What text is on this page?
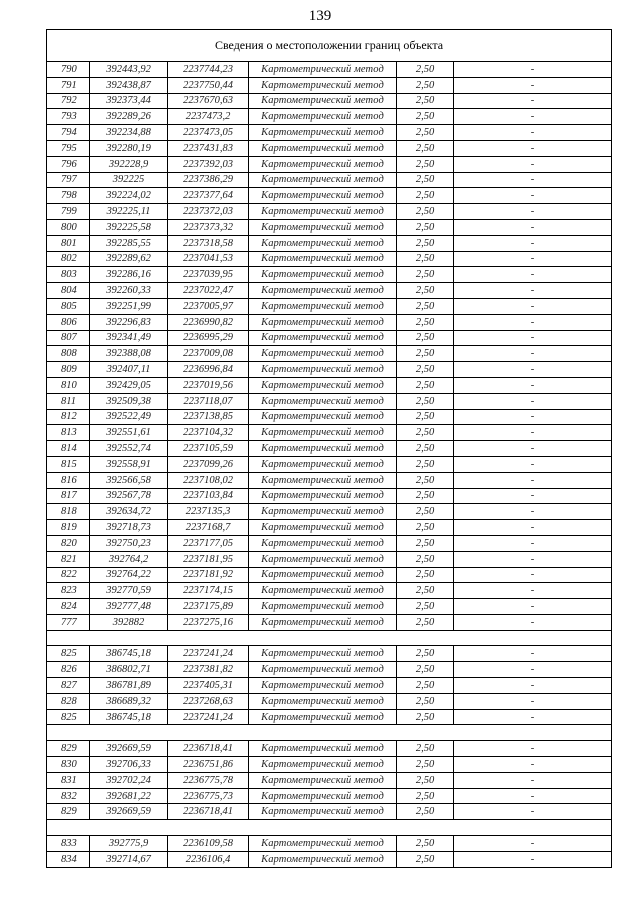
139
Сведения о местоположении границ объекта					
790	392443,92	2237744,23	Картометрический метод	2,50	-
791	392438,87	2237750,44	Картометрический метод	2,50	-
792	392373,44	2237670,63	Картометрический метод	2,50	-
793	392289,26	2237473,2	Картометрический метод	2,50	-
794	392234,88	2237473,05	Картометрический метод	2,50	-
795	392280,19	2237431,83	Картометрический метод	2,50	-
796	392228,9	2237392,03	Картометрический метод	2,50	-
797	392225	2237386,29	Картометрический метод	2,50	-
798	392224,02	2237377,64	Картометрический метод	2,50	-
799	392225,11	2237372,03	Картометрический метод	2,50	-
800	392225,58	2237373,32	Картометрический метод	2,50	-
801	392285,55	2237318,58	Картометрический метод	2,50	-
802	392289,62	2237041,53	Картометрический метод	2,50	-
803	392286,16	2237039,95	Картометрический метод	2,50	-
804	392260,33	2237022,47	Картометрический метод	2,50	-
805	392251,99	2237005,97	Картометрический метод	2,50	-
806	392296,83	2236990,82	Картометрический метод	2,50	-
807	392341,49	2236995,29	Картометрический метод	2,50	-
808	392388,08	2237009,08	Картометрический метод	2,50	-
809	392407,11	2236996,84	Картометрический метод	2,50	-
810	392429,05	2237019,56	Картометрический метод	2,50	-
811	392509,38	2237118,07	Картометрический метод	2,50	-
812	392522,49	2237138,85	Картометрический метод	2,50	-
813	392551,61	2237104,32	Картометрический метод	2,50	-
814	392552,74	2237105,59	Картометрический метод	2,50	-
815	392558,91	2237099,26	Картометрический метод	2,50	-
816	392566,58	2237108,02	Картометрический метод	2,50	-
817	392567,78	2237103,84	Картометрический метод	2,50	-
818	392634,72	2237135,3	Картометрический метод	2,50	-
819	392718,73	2237168,7	Картометрический метод	2,50	-
820	392750,23	2237177,05	Картометрический метод	2,50	-
821	392764,2	2237181,95	Картометрический метод	2,50	-
822	392764,22	2237181,92	Картометрический метод	2,50	-
823	392770,59	2237174,15	Картометрический метод	2,50	-
824	392777,48	2237175,89	Картометрический метод	2,50	-
777	392882	2237275,16	Картометрический метод	2,50	-

825	386745,18	2237241,24	Картометрический метод	2,50	-
826	386802,71	2237381,82	Картометрический метод	2,50	-
827	386781,89	2237405,31	Картометрический метод	2,50	-
828	386689,32	2237268,63	Картометрический метод	2,50	-
825	386745,18	2237241,24	Картометрический метод	2,50	-

829	392669,59	2236718,41	Картометрический метод	2,50	-
830	392706,33	2236751,86	Картометрический метод	2,50	-
831	392702,24	2236775,78	Картометрический метод	2,50	-
832	392681,22	2236775,73	Картометрический метод	2,50	-
829	392669,59	2236718,41	Картометрический метод	2,50	-

833	392775,9	2236109,58	Картометрический метод	2,50	-
834	392714,67	2236106,4	Картометрический метод	2,50	-
